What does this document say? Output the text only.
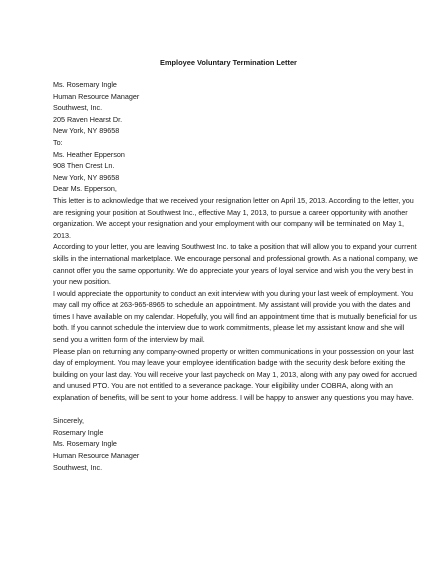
Employee Voluntary Termination Letter
Ms. Rosemary Ingle
Human Resource Manager
Southwest, Inc.
205 Raven Hearst Dr.
New York, NY 89658
To:
Ms. Heather Epperson
908 Then Crest Ln.
New York, NY 89658
Dear Ms. Epperson,
This letter is to acknowledge that we received your resignation letter on April 15, 2013. According to the letter, you
are resigning your position at Southwest Inc., effective May 1, 2013, to pursue a career opportunity with another
organization. We accept your resignation and your employment with our company will be terminated on May 1,
2013.
According to your letter, you are leaving Southwest Inc. to take a position that will allow you to expand your current
skills in the international marketplace. We encourage personal and professional growth. As a national company, we
cannot offer you the same opportunity. We do appreciate your years of loyal service and wish you the very best in
your new position.
I would appreciate the opportunity to conduct an exit interview with you during your last week of employment. You
may call my office at 263-965-8965 to schedule an appointment. My assistant will provide you with the dates and
times I have available on my calendar. Hopefully, you will find an appointment time that is mutually beneficial for us
both. If you cannot schedule the interview due to work commitments, please let my assistant know and she will
send you a written form of the interview by mail.
Please plan on returning any company-owned property or written communications in your possession on your last
day of employment. You may leave your employee identification badge with the security desk before exiting the
building on your last day. You will receive your last paycheck on May 1, 2013, along with any pay owed for accrued
and unused PTO. You are not entitled to a severance package. Your eligibility under COBRA, along with an
explanation of benefits, will be sent to your home address. I will be happy to answer any questions you may have.
Sincerely,
Rosemary Ingle
Ms. Rosemary Ingle
Human Resource Manager
Southwest, Inc.
